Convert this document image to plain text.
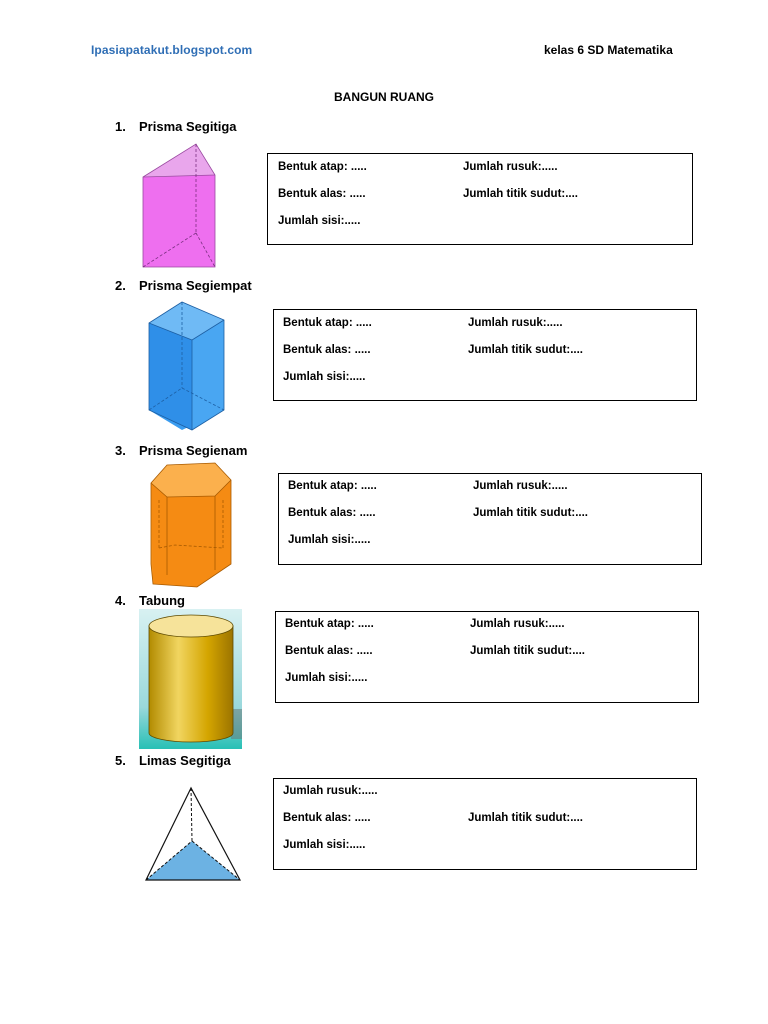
Ipasiapatakut.blogspot.com	kelas 6 SD Matematika
BANGUN RUANG
1. Prisma Segitiga
Bentuk atap: .....	Jumlah rusuk:.....
Bentuk alas: .....	Jumlah titik sudut:....
Jumlah sisi:.....
2. Prisma Segiempat
Bentuk atap: .....	Jumlah rusuk:.....
Bentuk alas: .....	Jumlah titik sudut:....
Jumlah sisi:.....
3. Prisma Segienam
Bentuk atap: .....	Jumlah rusuk:.....
Bentuk alas: .....	Jumlah titik sudut:....
Jumlah sisi:.....
4. Tabung
Bentuk atap: .....	Jumlah rusuk:.....
Bentuk alas: .....	Jumlah titik sudut:....
Jumlah sisi:.....
5. Limas Segitiga
Jumlah rusuk:.....
Bentuk alas: .....	Jumlah titik sudut:....
Jumlah sisi:.....
